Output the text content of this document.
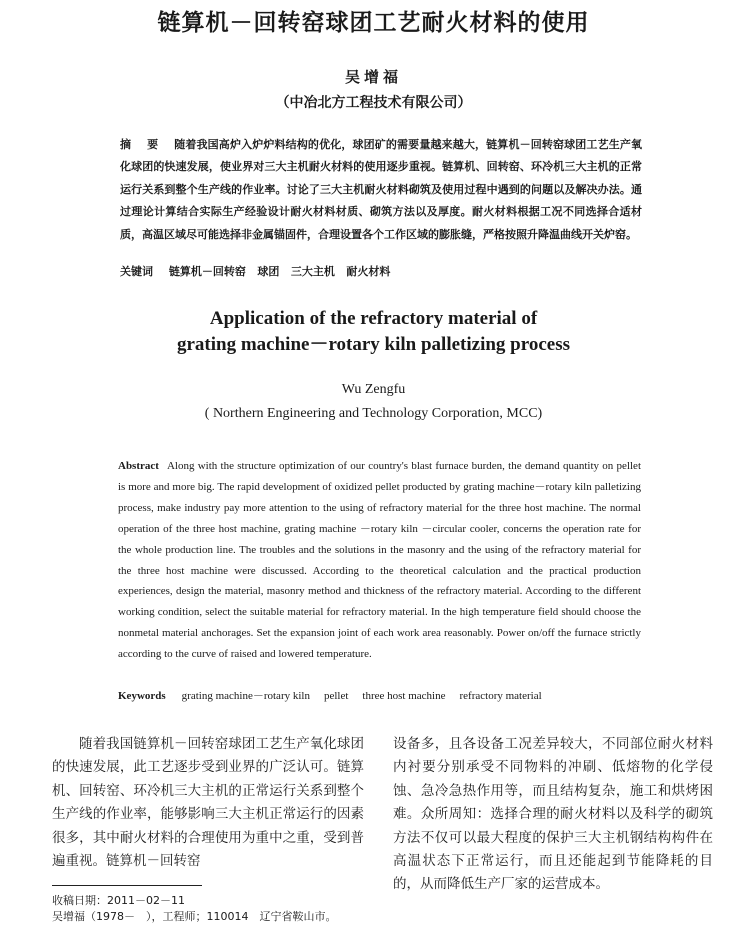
链算机－回转窑球团工艺耐火材料的使用
吴增福
（中冶北方工程技术有限公司）
摘 要 随着我国高炉入炉炉料结构的优化，球团矿的需要量越来越大，链算机－回转窑球团工艺生产氧化球团的快速发展，使业界对三大主机耐火材料的使用逐步重视。链算机、回转窑、环冷机三大主机的正常运行关系到整个生产线的作业率。讨论了三大主机耐火材料砌筑及使用过程中遇到的问题以及解决办法。通过理论计算结合实际生产经验设计耐火材料材质、砌筑方法以及厚度。耐火材料根据工况不同选择合适材质，高温区域尽可能选择非金属锚固件，合理设置各个工作区域的膨胀缝，严格按照升降温曲线开关炉窑。
关键词 链算机－回转窑 球团 三大主机 耐火材料
Application of the refractory material of
grating machine－rotary kiln palletizing process
Wu Zengfu
( Northern Engineering and Technology Corporation, MCC)
Abstract Along with the structure optimization of our country's blast furnace burden, the demand quantity on pellet is more and more big. The rapid development of oxidized pellet producted by grating machine－rotary kiln palletizing process, make industry pay more attention to the using of refractory material for the three host machine. The normal operation of the three host machine, grating machine －rotary kiln －circular cooler, concerns the operation rate for the whole production line. The troubles and the solutions in the masonry and the using of the refractory material for the three host machine were discussed. According to the theoretical calculation and the practical production experiences, design the material, masonry method and thickness of the refractory material. According to the different working condition, select the suitable material for refractory material. In the high temperature field should choose the nonmetal material anchorages. Set the expansion joint of each work area reasonably. Power on/off the furnace strictly according to the curve of raised and lowered temperature.
Keywords grating machine－rotary kiln pellet three host machine refractory material
随着我国链算机－回转窑球团工艺生产氧化球团的快速发展，此工艺逐步受到业界的广泛认可。链算机、回转窑、环冷机三大主机的正常运行关系到整个生产线的作业率，能够影响三大主机正常运行的因素很多，其中耐火材料的合理使用为重中之重，受到普遍重视。链算机－回转窑
设备多，且各设备工况差异较大，不同部位耐火材料内衬要分别承受不同物料的冲刷、低熔物的化学侵蚀、急冷急热作用等，而且结构复杂，施工和烘烤困难。众所周知：选择合理的耐火材料以及科学的砌筑方法不仅可以最大程度的保护三大主机钢结构构件在高温状态下正常运行，而且还能起到节能降耗的目的，从而降低生产厂家的运营成本。
收稿日期：2011－02－11
吴增福（1978－　），工程师；110014　辽宁省鞍山市。
